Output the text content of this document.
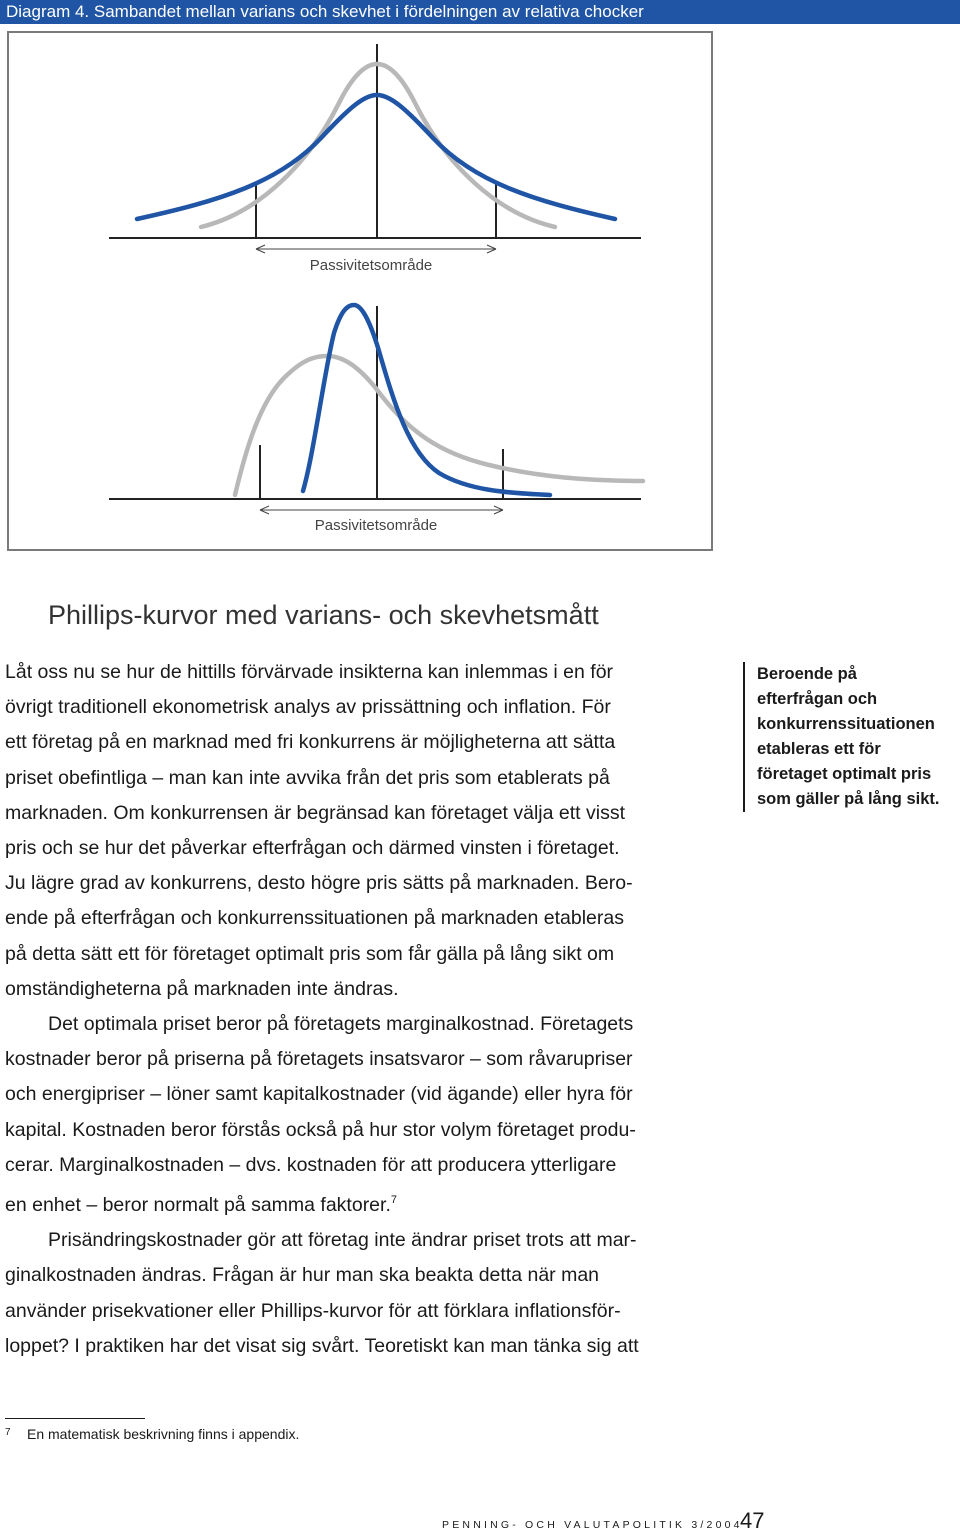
Diagram 4. Sambandet mellan varians och skevhet i fördelningen av relativa chocker
Passivitetsområde
Passivitetsområde
Phillips-kurvor med varians- och skevhetsmått

Låt oss nu se hur de hittills förvärvade insikterna kan inlemmas i en för

övrigt traditionell ekonometrisk analys av prissättning och inflation. För

ett företag på en marknad med fri konkurrens är möjligheterna att sätta

priset obefintliga – man kan inte avvika från det pris som etablerats på

marknaden. Om konkurrensen är begränsad kan företaget välja ett visst

pris och se hur det påverkar efterfrågan och därmed vinsten i företaget.

Ju lägre grad av konkurrens, desto högre pris sätts på marknaden. Bero-

ende på efterfrågan och konkurrenssituationen på marknaden etableras

på detta sätt ett för företaget optimalt pris som får gälla på lång sikt om

omständigheterna på marknaden inte ändras.

Det optimala priset beror på företagets marginalkostnad. Företagets

kostnader beror på priserna på företagets insatsvaror – som råvarupriser

och energipriser – löner samt kapitalkostnader (vid ägande) eller hyra för

kapital. Kostnaden beror förstås också på hur stor volym företaget produ-

cerar. Marginalkostnaden – dvs. kostnaden för att producera ytterligare

en enhet – beror normalt på samma faktorer.$^7$

Prisändringskostnader gör att företag inte ändrar priset trots att mar-

ginalkostnaden ändras. Frågan är hur man ska beakta detta när man

använder prisekvationer eller Phillips-kurvor för att förklara inflationsför-

loppet? I praktiken har det visat sig svårt. Teoretiskt kan man tänka sig att

Beroende på
efterfrågan och
konkurrenssituationen
etableras ett för
företaget optimalt pris
som gäller på lång sikt.
7 En matematisk beskrivning finns i appendix.
PENNING- OCH VALUTAPOLITIK 3/2004
47
